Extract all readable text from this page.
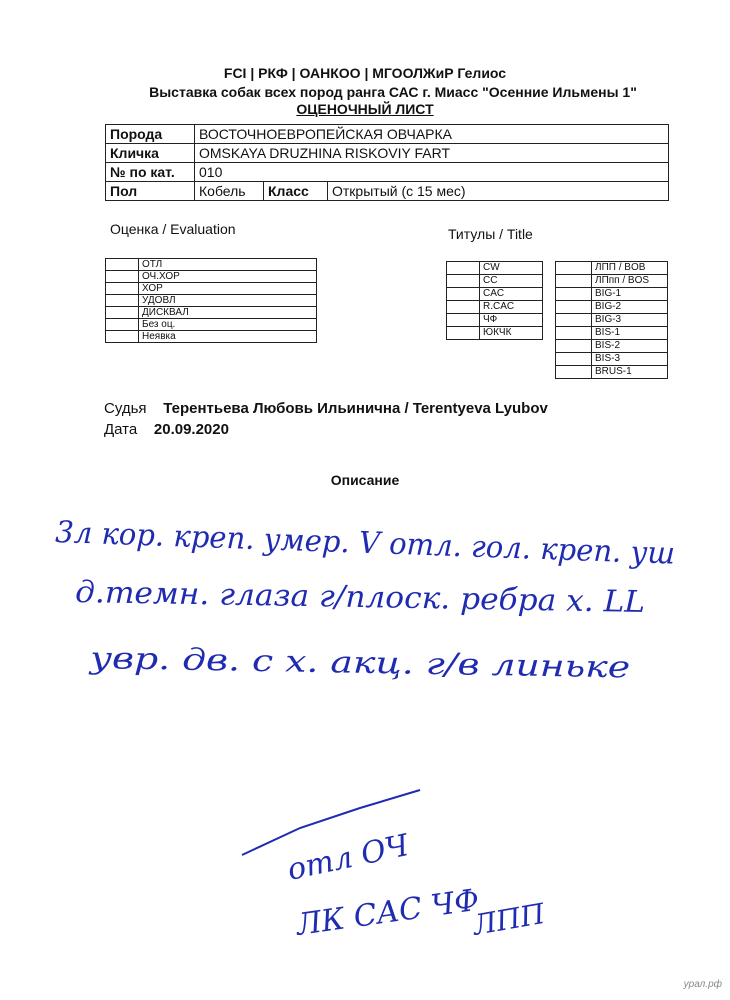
FCI | РКФ | ОАНКОО | МГООЛЖиР Гелиос
Выставка собак всех пород ранга САС г. Миасс "Осенние Ильмены 1"
ОЦЕНОЧНЫЙ ЛИСТ
Порода	ВОСТОЧНОЕВРОПЕЙСКАЯ ОВЧАРКА		
Кличка	OMSKAYA DRUZHINA RISKOVIY FART		
№ по кат.	010		
Пол	Кобель	Класс	Открытый (с 15 мес)
Оценка / Evaluation	Титулы / Title
	ОТЛ
	ОЧ.ХОР
	ХОР
	УДОВЛ
	ДИСКВАЛ
	Без оц.
	Неявка
	CW
	CC
	CAC
	R.CAC
	ЧФ
	ЮКЧК
	ЛПП / BOB
	ЛПпп / BOS
	BIG-1
	BIG-2
	BIG-3
	BIS-1
	BIS-2
	BIS-3
	BRUS-1
Судья Терентьева Любовь Ильинична / Terentyeva Lyubov
Дата 20.09.2020
Описание
3л кор. креп. умер. V отл. гол. креп. уш
д.темн. глаза г/плоск. ребра х. LL
увр. дв. с х. акц. г/в линьке
отл ОЧ
ЛК САС ЧФ
ЛПП
урал.рф
